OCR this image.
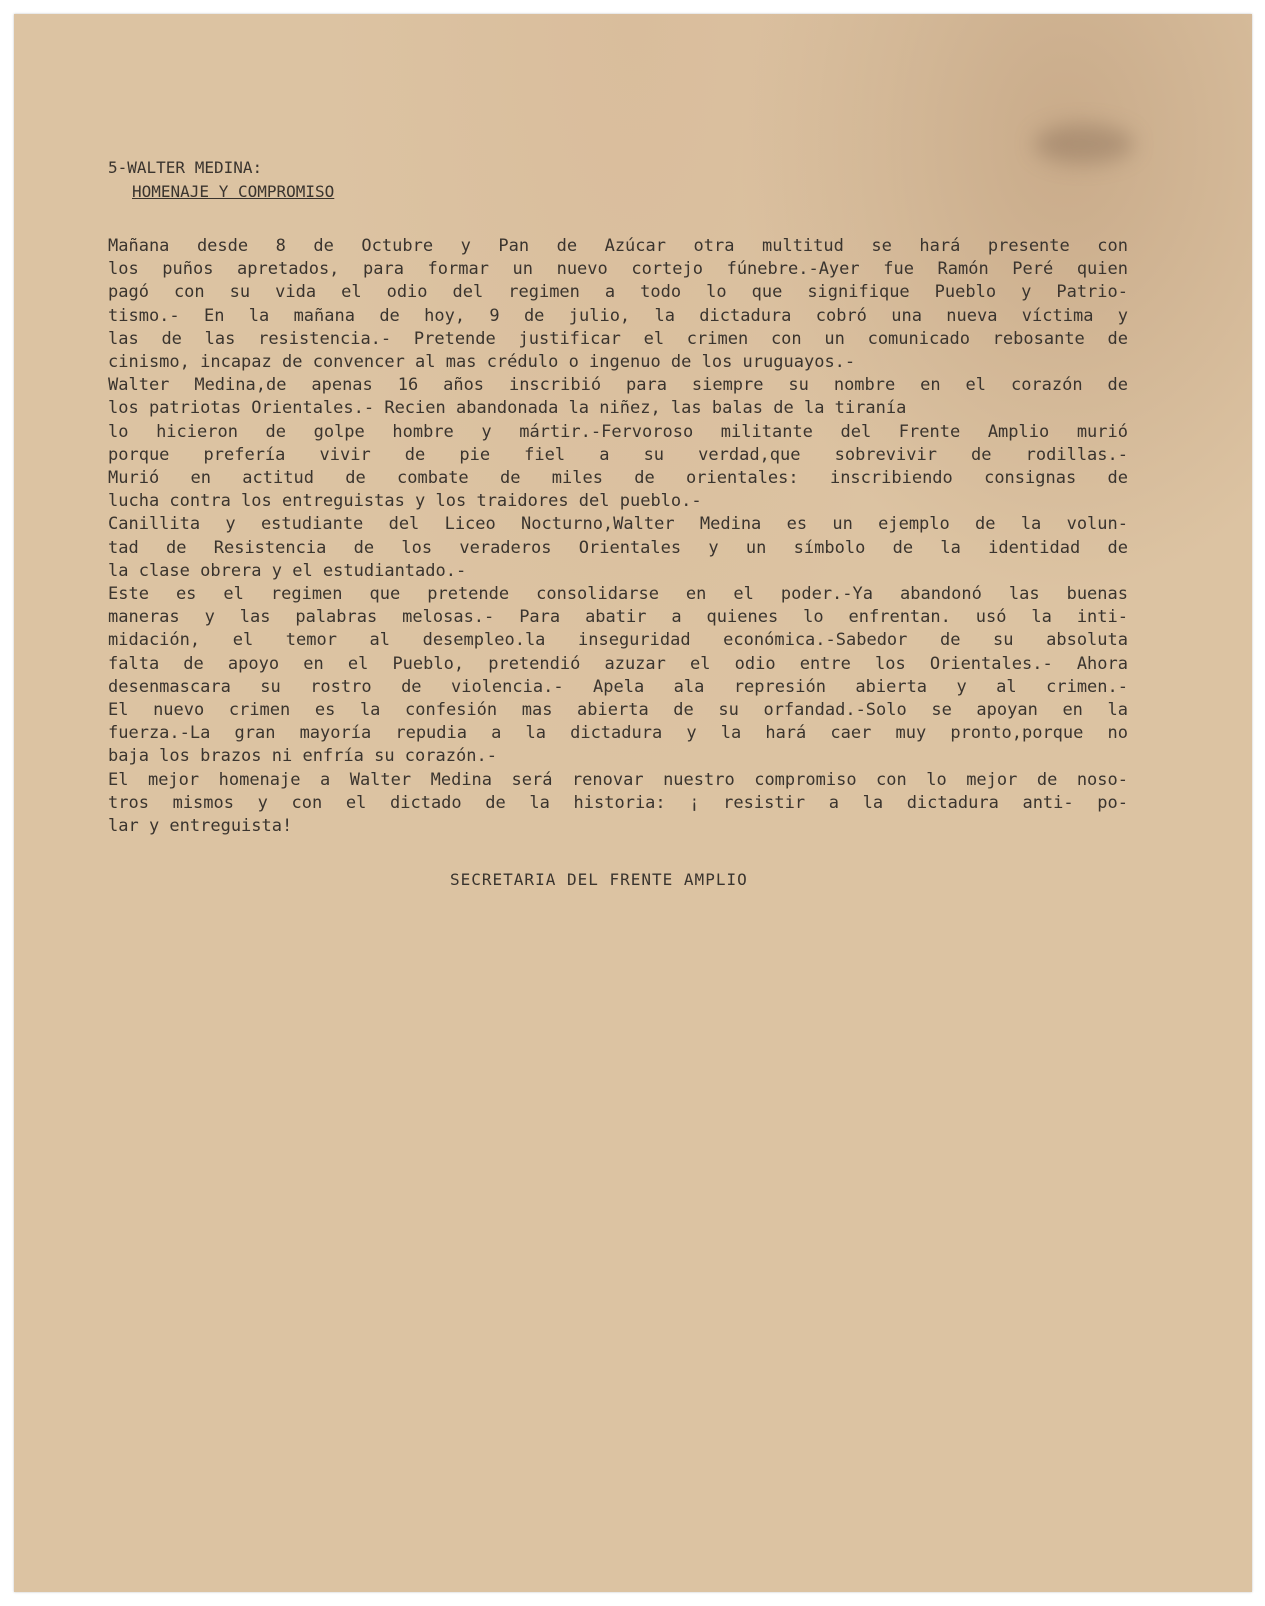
5-WALTER MEDINA:
HOMENAJE Y COMPROMISO
Mañana desde 8 de Octubre y Pan de Azúcar otra multitud se hará presente con
los puños apretados, para formar un nuevo cortejo fúnebre.-Ayer fue Ramón Peré quien
pagó con su vida el odio del regimen a todo lo que signifique Pueblo y Patrio-
tismo.- En la mañana de hoy, 9 de julio, la dictadura cobró una nueva víctima y
las de las resistencia.- Pretende justificar el crimen con un comunicado rebosante de
cinismo, incapaz de convencer al mas crédulo o ingenuo de los uruguayos.-
Walter Medina,de apenas 16 años inscribió para siempre su nombre en el corazón de
los patriotas Orientales.- Recien abandonada la niñez, las balas de la tiranía
lo hicieron de golpe hombre y mártir.-Fervoroso militante del Frente Amplio murió
porque prefería vivir de pie fiel a su verdad,que sobrevivir de rodillas.-
Murió en actitud de combate de miles de orientales: inscribiendo consignas de
lucha contra los entreguistas y los traidores del pueblo.-
Canillita y estudiante del Liceo Nocturno,Walter Medina es un ejemplo de la volun-
tad de Resistencia de los veraderos Orientales y un símbolo de la identidad de
la clase obrera y el estudiantado.-
Este es el regimen que pretende consolidarse en el poder.-Ya abandonó las buenas
maneras y las palabras melosas.- Para abatir a quienes lo enfrentan. usó la inti-
midación, el temor al desempleo.la inseguridad económica.-Sabedor de su absoluta
falta de apoyo en el Pueblo, pretendió azuzar el odio entre los Orientales.- Ahora
desenmascara su rostro de violencia.- Apela ala represión abierta y al crimen.-
El nuevo crimen es la confesión mas abierta de su orfandad.-Solo se apoyan en la
fuerza.-La gran mayoría repudia a la dictadura y la hará caer muy pronto,porque no
baja los brazos ni enfría su corazón.-
El mejor homenaje a Walter Medina será renovar nuestro compromiso con lo mejor de noso-
tros mismos y con el dictado de la historia: ¡ resistir a la dictadura anti- po-
lar y entreguista!
SECRETARIA DEL FRENTE AMPLIO
